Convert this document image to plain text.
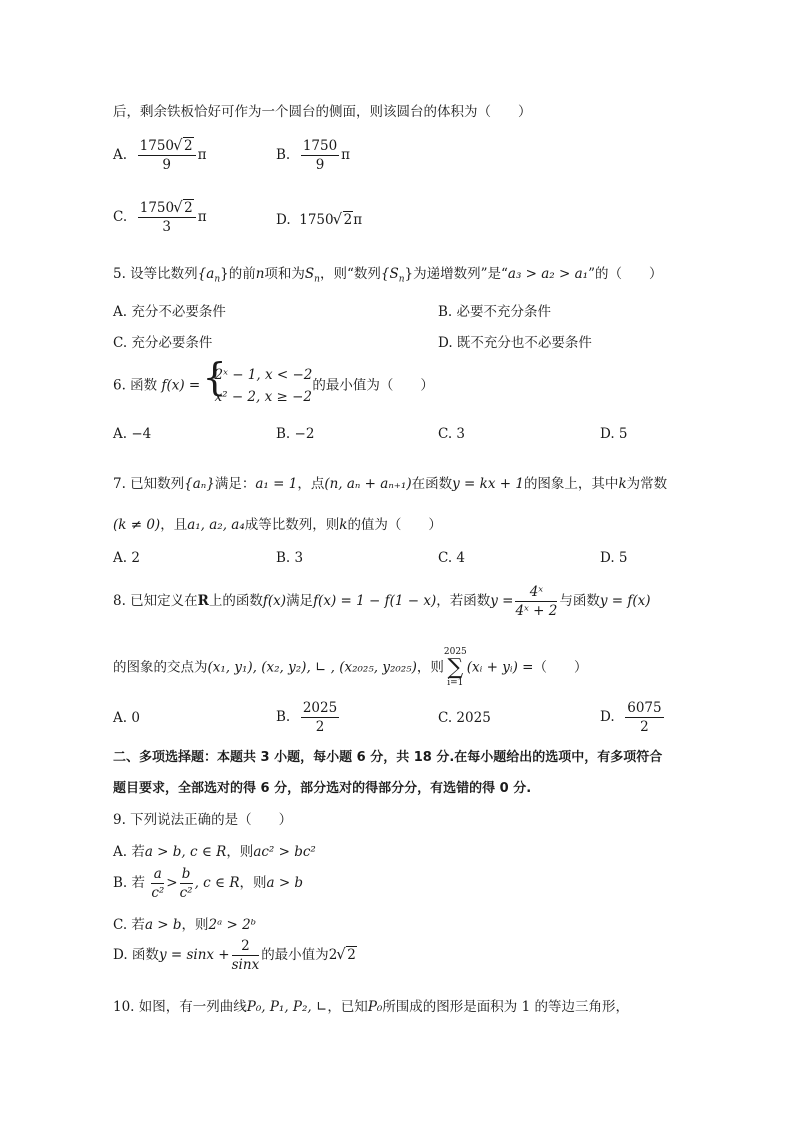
后，剩余铁板恰好可作为一个圆台的侧面，则该圆台的体积为（　　）
A. $\frac{1750 √ 2}{9}$ π	B. $\frac{1750}{9}$ π
C. $\frac{1750 √ 2}{3}$ π	D. 1750 √ 2π
5. 设等比数列$\{a_n\}$的前n项和为$S_n$，则“数列$\{S_n\}$为递增数列”是“a₃ > a₂ > a₁”的（　　）
A. 充分不必要条件	B. 必要不充分条件
C. 充分必要条件	D. 既不充分也不必要条件
6. 函数 f(x) = {
2ˣ − 1, x < −2
x² − 2, x ≥ −2
的最小值为（　　）
A. −4	B. −2	C. 3	D. 5
7. 已知数列{aₙ}满足：a₁ = 1，点(n, aₙ + aₙ₊₁)在函数y = kx + 1的图象上，其中k为常数
(k ≠ 0)，且a₁, a₂, a₄成等比数列，则k的值为（　　）
A. 2	B. 3	C. 4	D. 5
8. 已知定义在R上的函数f(x)满足f(x) = 1 − f(1 − x)，若函数$y = \frac{\text{4ˣ}}{\text{4ˣ + 2}}$ 与函数y = f(x)
的图象的交点为(x₁, y₁), (x₂, y₂), ∟ , (x₂₀₂₅, y₂₀₂₅)，则
2025
∑
i=1
(xᵢ + yᵢ) =（　　）
A. 0	B. $\frac{2025}{2}$	C. 2025	D. $\frac{6075}{2}$
二、多项选择题：本题共 3 小题，每小题 6 分，共 18 分.在每小题给出的选项中，有多项符合
题目要求，全部选对的得 6 分，部分选对的得部分分，有选错的得 0 分.
9. 下列说法正确的是（　　）
A. 若a > b, c ∈ R，则ac² > bc²
B. 若 $\frac{a}{\text{c²}} > \frac{b}{\text{c²}}$ , c ∈ R，则a > b
C. 若a > b，则2ᵃ > 2ᵇ
D. 函数$y = \sin x + \frac{2}{\sin x}$ 的最小值为2 √ 2
10. 如图，有一列曲线P₀, P₁, P₂, ∟，已知P₀所围成的图形是面积为 1 的等边三角形，
